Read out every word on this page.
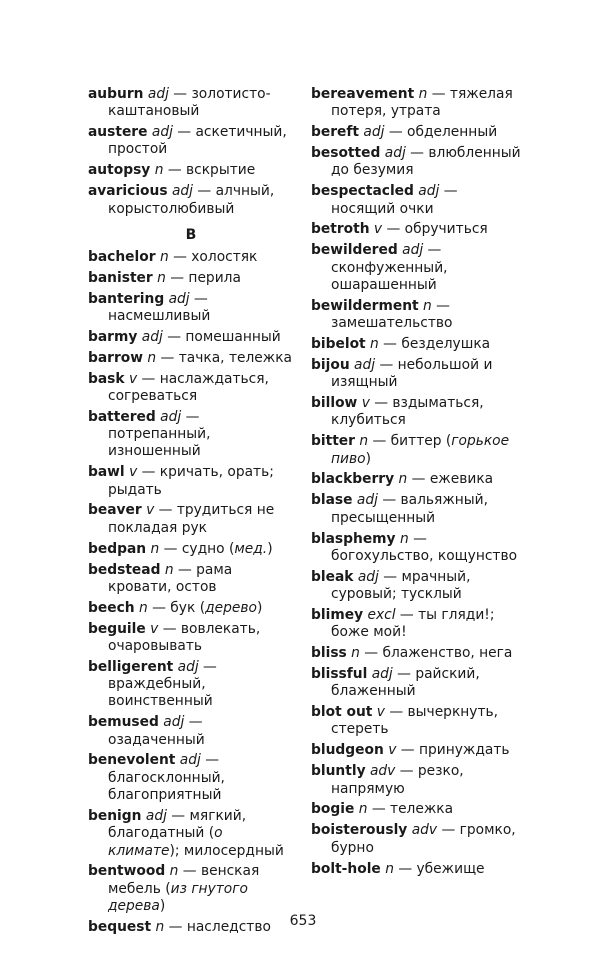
auburn adj — золотисто-каштановый
austere adj — аскетичный, простой
autopsy n — вскрытие
avaricious adj — алчный, корыстолюбивый
B
bachelor n — холостяк
banister n — перила
bantering adj — насмешливый
barmy adj — помешанный
barrow n — тачка, тележка
bask v — наслаждаться, согреваться
battered adj — потрепанный, изношенный
bawl v — кричать, орать; рыдать
beaver v — трудиться не покладая рук
bedpan n — судно (мед.)
bedstead n — рама кровати, остов
beech n — бук (дерево)
beguile v — вовлекать, очаровывать
belligerent adj — враждебный, воинственный
bemused adj — озадаченный
benevolent adj — благосклонный, благоприятный
benign adj — мягкий, благодатный (о климате); милосердный
bentwood n — венская мебель (из гнутого дерева)
bequest n — наследство
bereavement n — тяжелая потеря, утрата
bereft adj — обделенный
besotted adj — влюбленный до безумия
bespectacled adj — носящий очки
betroth v — обручиться
bewildered adj — сконфуженный, ошарашенный
bewilderment n — замешательство
bibelot n — безделушка
bijou adj — небольшой и изящный
billow v — вздыматься, клубиться
bitter n — биттер (горькое пиво)
blackberry n — ежевика
blase adj — вальяжный, пресыщенный
blasphemy n — богохульство, кощунство
bleak adj — мрачный, суровый; тусклый
blimey excl — ты гляди!; боже мой!
bliss n — блаженство, нега
blissful adj — райский, блаженный
blot out v — вычеркнуть, стереть
bludgeon v — принуждать
bluntly adv — резко, напрямую
bogie n — тележка
boisterously adv — громко, бурно
bolt-hole n — убежище
653
